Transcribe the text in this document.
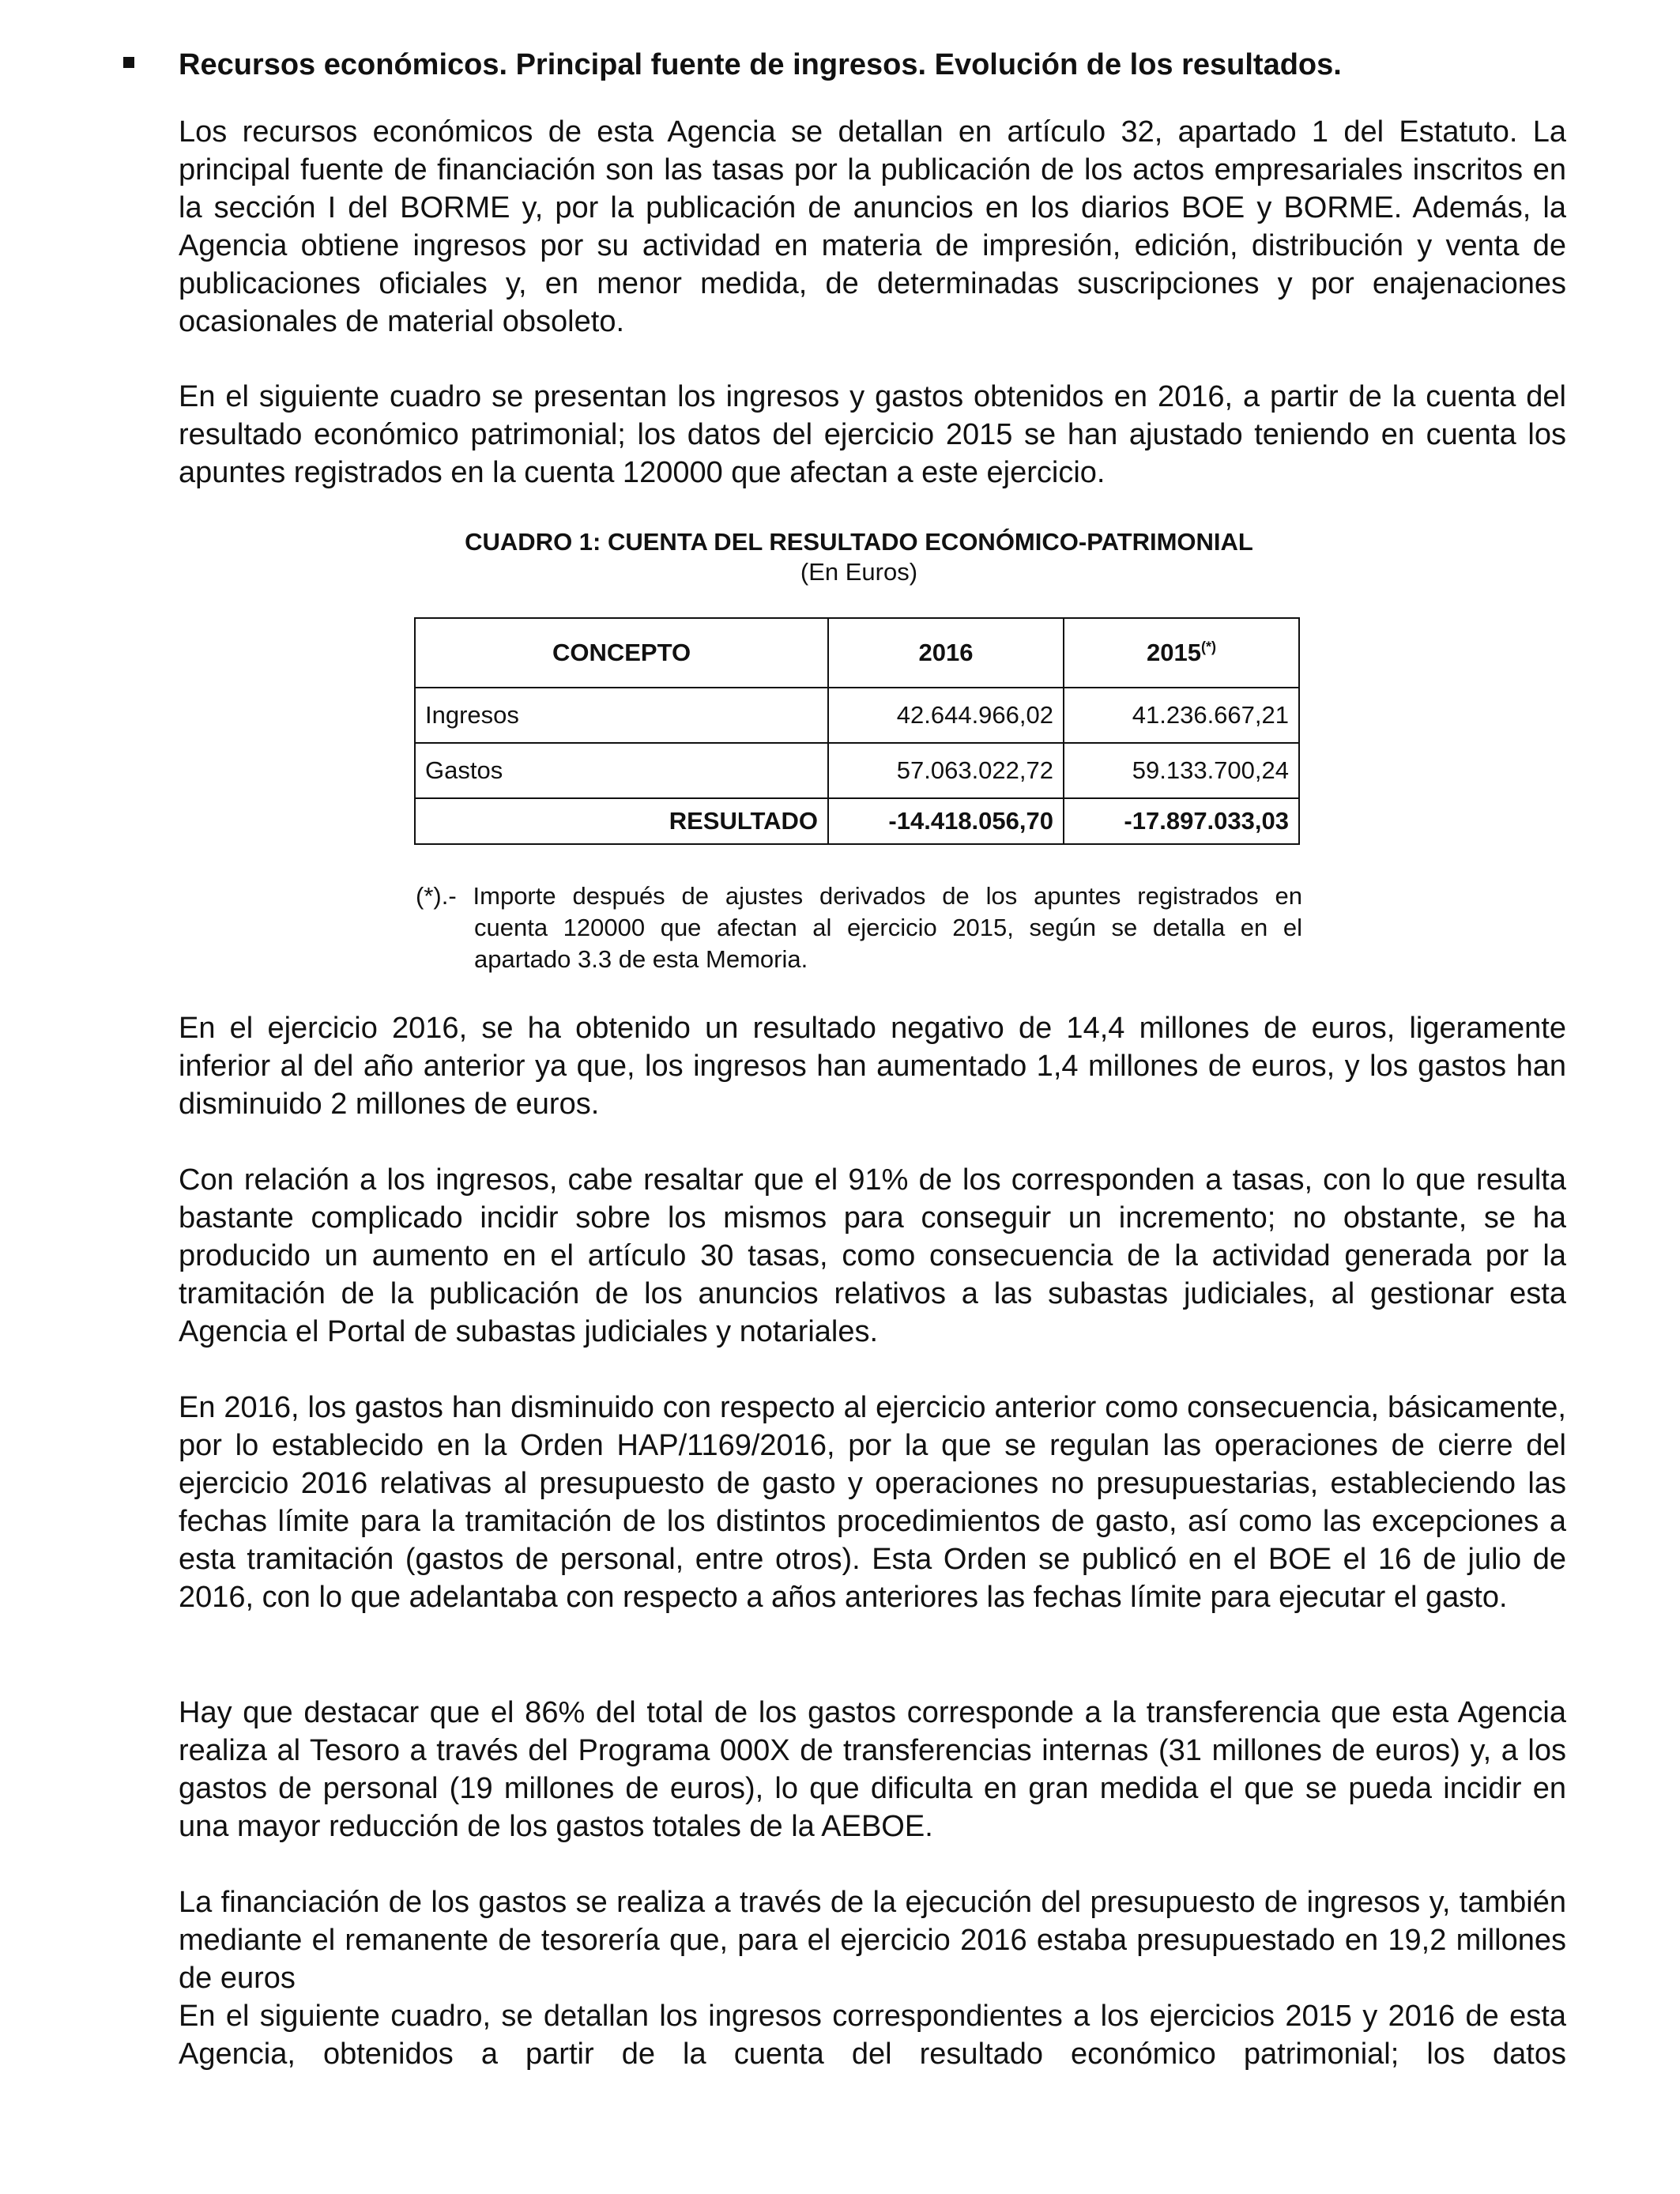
Recursos económicos. Principal fuente de ingresos. Evolución de los resultados.

Los recursos económicos de esta Agencia se detallan en artículo 32, apartado 1 del Estatuto. La principal fuente de financiación son las tasas por la publicación de los actos empresariales inscritos en la sección I del BORME y, por la publicación de anuncios en los diarios BOE y BORME. Además, la Agencia obtiene ingresos por su actividad en materia de impresión, edición, distribución y venta de publicaciones oficiales y, en menor medida, de determinadas suscripciones y por enajenaciones ocasionales de material obsoleto.

En el siguiente cuadro se presentan los ingresos y gastos obtenidos en 2016, a partir de la cuenta del resultado económico patrimonial; los datos del ejercicio 2015 se han ajustado teniendo en cuenta los apuntes registrados en la cuenta 120000 que afectan a este ejercicio.

CUADRO 1: CUENTA DEL RESULTADO ECONÓMICO-PATRIMONIAL
(En Euros)
CONCEPTO	2016	2015(*)
Ingresos	42.644.966,02	41.236.667,21
Gastos	57.063.022,72	59.133.700,24
RESULTADO	-14.418.056,70	-17.897.033,03
(*).- Importe después de ajustes derivados de los apuntes registrados en
cuenta 120000 que afectan al ejercicio 2015, según se detalla en el apartado 3.3 de esta Memoria.

En el ejercicio 2016, se ha obtenido un resultado negativo de 14,4 millones de euros, ligeramente inferior al del año anterior ya que, los ingresos han aumentado 1,4 millones de euros, y los gastos han disminuido 2 millones de euros.

Con relación a los ingresos, cabe resaltar que el 91% de los corresponden a tasas, con lo que resulta bastante complicado incidir sobre los mismos para conseguir un incremento; no obstante, se ha producido un aumento en el artículo 30 tasas, como consecuencia de la actividad generada por la tramitación de la publicación de los anuncios relativos a las subastas judiciales, al gestionar esta Agencia el Portal de subastas judiciales y notariales.

En 2016, los gastos han disminuido con respecto al ejercicio anterior como consecuencia, básicamente, por lo establecido en la Orden HAP/1169/2016, por la que se regulan las operaciones de cierre del ejercicio 2016 relativas al presupuesto de gasto y operaciones no presupuestarias, estableciendo las fechas límite para la tramitación de los distintos procedimientos de gasto, así como las excepciones a esta tramitación (gastos de personal, entre otros). Esta Orden se publicó en el BOE el 16 de julio de 2016, con lo que adelantaba con respecto a años anteriores las fechas límite para ejecutar el gasto.

Hay que destacar que el 86% del total de los gastos corresponde a la transferencia que esta Agencia realiza al Tesoro a través del Programa 000X de transferencias internas (31 millones de euros) y, a los gastos de personal (19 millones de euros), lo que dificulta en gran medida el que se pueda incidir en una mayor reducción de los gastos totales de la AEBOE.

La financiación de los gastos se realiza a través de la ejecución del presupuesto de ingresos y, también mediante el remanente de tesorería que, para el ejercicio 2016 estaba presupuestado en 19,2 millones de euros

En el siguiente cuadro, se detallan los ingresos correspondientes a los ejercicios 2015 y 2016 de esta Agencia, obtenidos a partir de la cuenta del resultado económico patrimonial; los datos
